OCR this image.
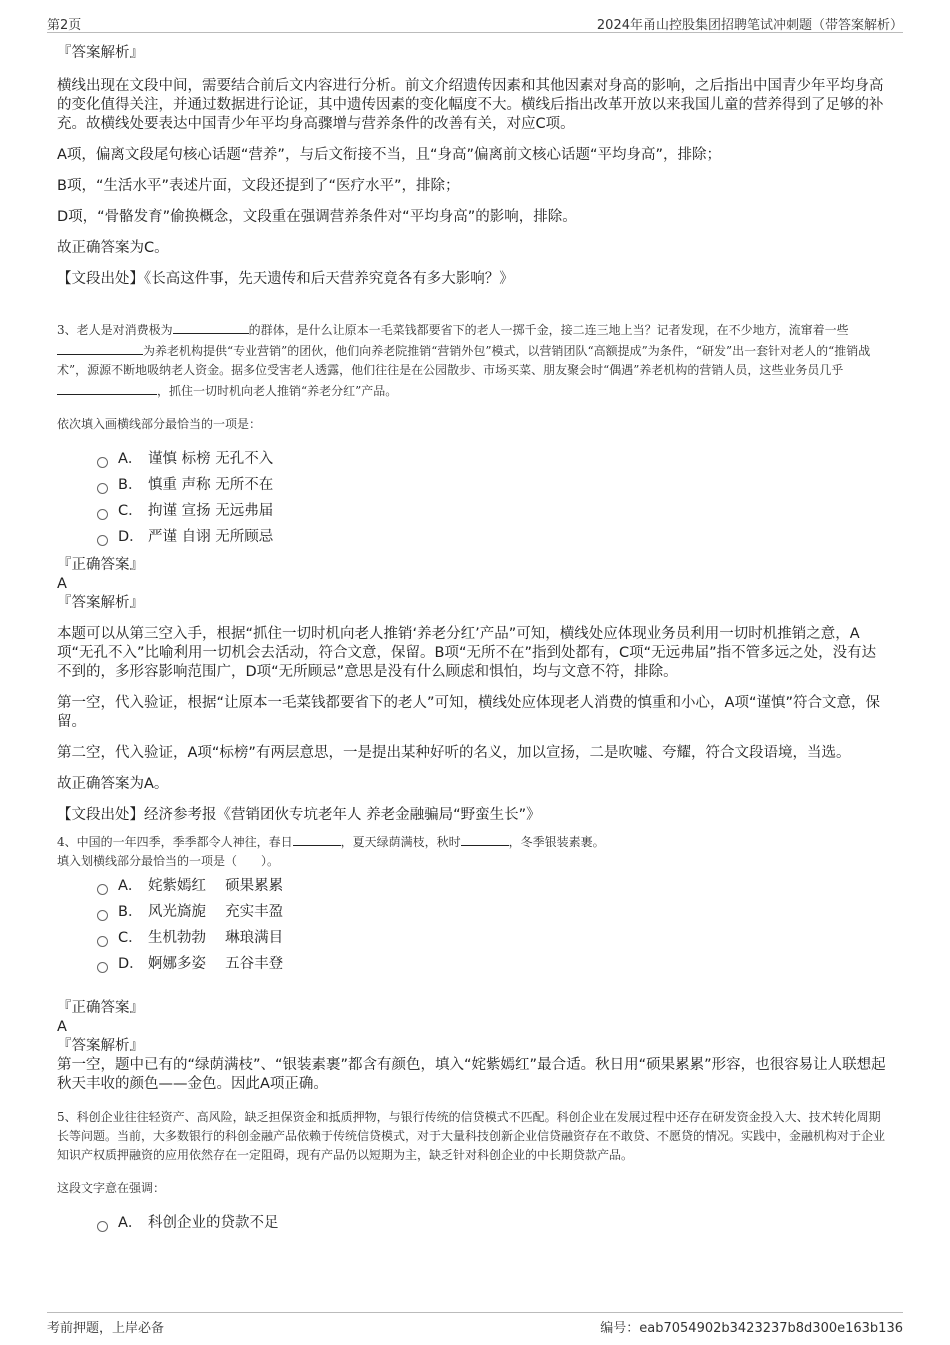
第2页	2024年甬山控股集团招聘笔试冲刺题（带答案解析）

『答案解析』

横线出现在文段中间，需要结合前后文内容进行分析。前文介绍遗传因素和其他因素对身高的影响，之后指出中国青少年平均身高的变化值得关注，并通过数据进行论证，其中遗传因素的变化幅度不大。横线后指出改革开放以来我国儿童的营养得到了足够的补充。故横线处要表达中国青少年平均身高骤增与营养条件的改善有关，对应C项。

A项，偏离文段尾句核心话题“营养”，与后文衔接不当，且“身高”偏离前文核心话题“平均身高”，排除；

B项，“生活水平”表述片面，文段还提到了“医疗水平”，排除；

D项，“骨骼发育”偷换概念，文段重在强调营养条件对“平均身高”的影响，排除。

故正确答案为C。

【文段出处】《长高这件事，先天遗传和后天营养究竟各有多大影响？》

3、老人是对消费极为	的群体，是什么让原本一毛菜钱都要省下的老人一掷千金，接二连三地上当？记者发现，在不少地方，流窜着一些为养老机构提供“专业营销”的团伙，他们向养老院推销“营销外包”模式，以营销团队“高额提成”为条件，“研发”出一套针对老人的“推销战术”，源源不断地吸纳老人资金。据多位受害老人透露，他们往往是在公园散步、市场买菜、朋友聚会时“偶遇”养老机构的营销人员，这些业务员几乎，抓住一切时机向老人推销“养老分红”产品。

依次填入画横线部分最恰当的一项是：

A． 谨慎 标榜 无孔不入
B． 慎重 声称 无所不在
C． 拘谨 宣扬 无远弗届
D． 严谨 自诩 无所顾忌

『正确答案』

A

『答案解析』

本题可以从第三空入手，根据“抓住一切时机向老人推销‘养老分红’产品”可知，横线处应体现业务员利用一切时机推销之意，A项“无孔不入”比喻利用一切机会去活动，符合文意，保留。B项“无所不在”指到处都有，C项“无远弗届”指不管多远之处，没有达不到的，多形容影响范围广，D项“无所顾忌”意思是没有什么顾虑和惧怕，均与文意不符，排除。

第一空，代入验证，根据“让原本一毛菜钱都要省下的老人”可知，横线处应体现老人消费的慎重和小心，A项“谨慎”符合文意，保留。

第二空，代入验证，A项“标榜”有两层意思，一是提出某种好听的名义，加以宣扬，二是吹嘘、夸耀，符合文段语境，当选。

故正确答案为A。

【文段出处】经济参考报《营销团伙专坑老年人 养老金融骗局“野蛮生长”》

4、中国的一年四季，季季都令人神往，春日	，夏天绿荫满枝，秋时	，冬季银装素裹。

填入划横线部分最恰当的一项是（　　）。

A． 姹紫嫣红　 硕果累累
B． 风光旖旎　 充实丰盈
C． 生机勃勃　 琳琅满目
D． 婀娜多姿　 五谷丰登

『正确答案』

A

『答案解析』

第一空，题中已有的“绿荫满枝”、“银装素裹”都含有颜色，填入“姹紫嫣红”最合适。秋日用“硕果累累”形容，也很容易让人联想起秋天丰收的颜色——金色。因此A项正确。

5、科创企业往往轻资产、高风险，缺乏担保资金和抵质押物，与银行传统的信贷模式不匹配。科创企业在发展过程中还存在研发资金投入大、技术转化周期长等问题。当前，大多数银行的科创金融产品依赖于传统信贷模式，对于大量科技创新企业信贷融资存在不敢贷、不愿贷的情况。实践中，金融机构对于企业知识产权质押融资的应用依然存在一定阻碍，现有产品仍以短期为主，缺乏针对科创企业的中长期贷款产品。

这段文字意在强调：

A． 科创企业的贷款不足
考前押题，上岸必备	编号：eab7054902b3423237b8d300e163b136
